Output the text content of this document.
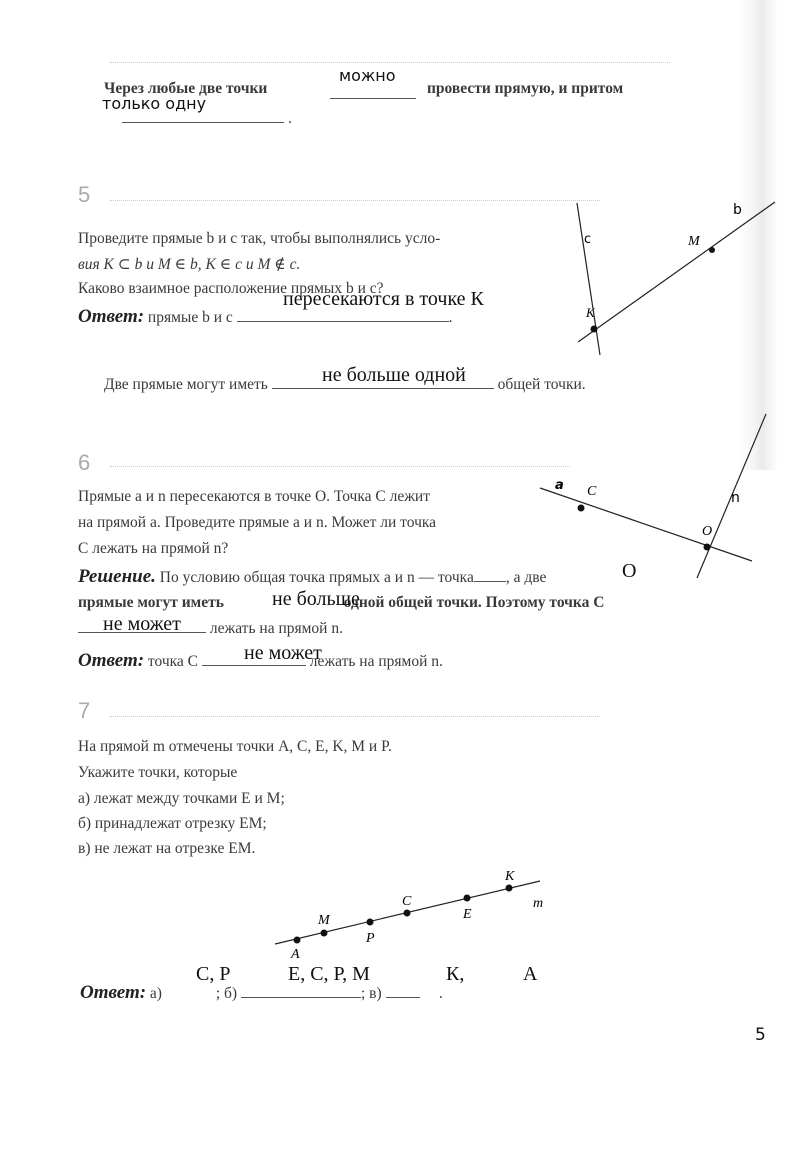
Через любые две точки
можно
провести прямую, и притом
только одну
.
5
Проведите прямые b и c так, чтобы выполнялись усло-
вия K ⊂ b и M ∈ b, K ∈ c и M ∉ c.
Каково взаимное расположение прямых b и c?
Ответ: прямые b и c	.
пересекаются в точке К
Две прямые могут иметь	общей точки.
не больше одной
6
Прямые a и n пересекаются в точке O. Точка C лежит
на прямой a. Проведите прямые a и n. Может ли точка
C лежать на прямой n?
Решение. По условию общая точка прямых a и n — точка , а две	O
прямые могут иметь	одной общей точки. Поэтому точка C
не больше
лежать на прямой n.
не может
Ответ: точка C	лежать на прямой n.
не может
7
На прямой m отмечены точки A, C, E, K, M и P.
Укажите точки, которые
а) лежат между точками E и M;
б) принадлежат отрезку EM;
в) не лежат на отрезке EM.
Ответ: а)	; б)	; в)      .
С, Р	Е, С, Р, М	К,	А
5
c
b
M
K
a C	n
O
A
M
P
C
E
K
m
